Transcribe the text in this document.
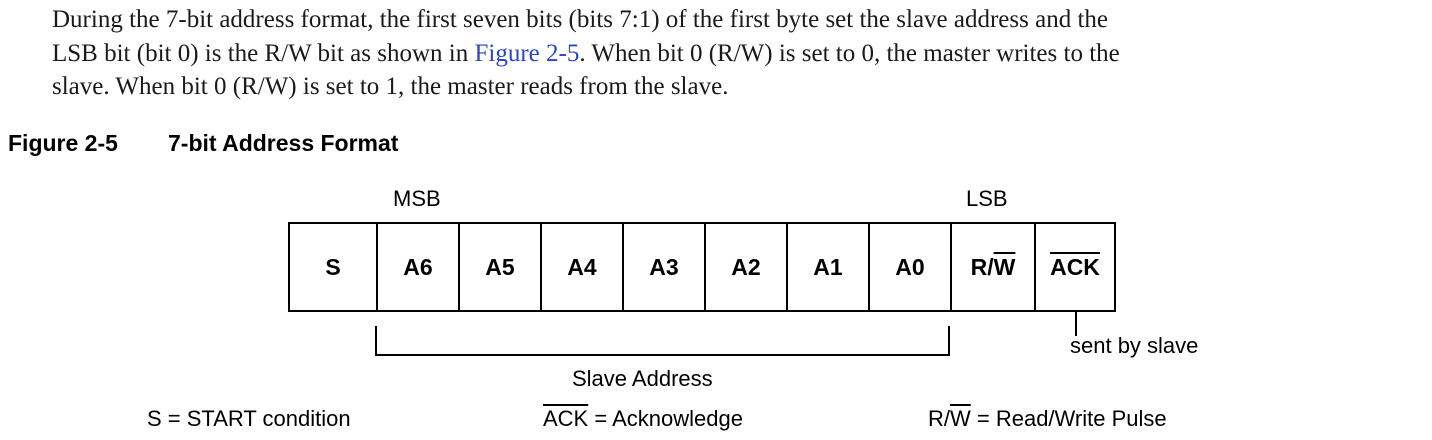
During the 7-bit address format, the first seven bits (bits 7:1) of the first byte set the slave address and the
LSB bit (bit 0) is the R/W bit as shown in Figure 2-5. When bit 0 (R/W) is set to 0, the master writes to the
slave. When bit 0 (R/W) is set to 1, the master reads from the slave.
Figure 2-5 7-bit Address Format
MSB	LSB
S	A6	A5	A4	A3	A2	A1	A0	R/ $\overline{W}$ $\overline{ACK}$
sent by slave
Slave Address
S = START condition	$\overline{ACK}$ = Acknowledge	$R/\overline{W}$ = Read/Write Pulse
